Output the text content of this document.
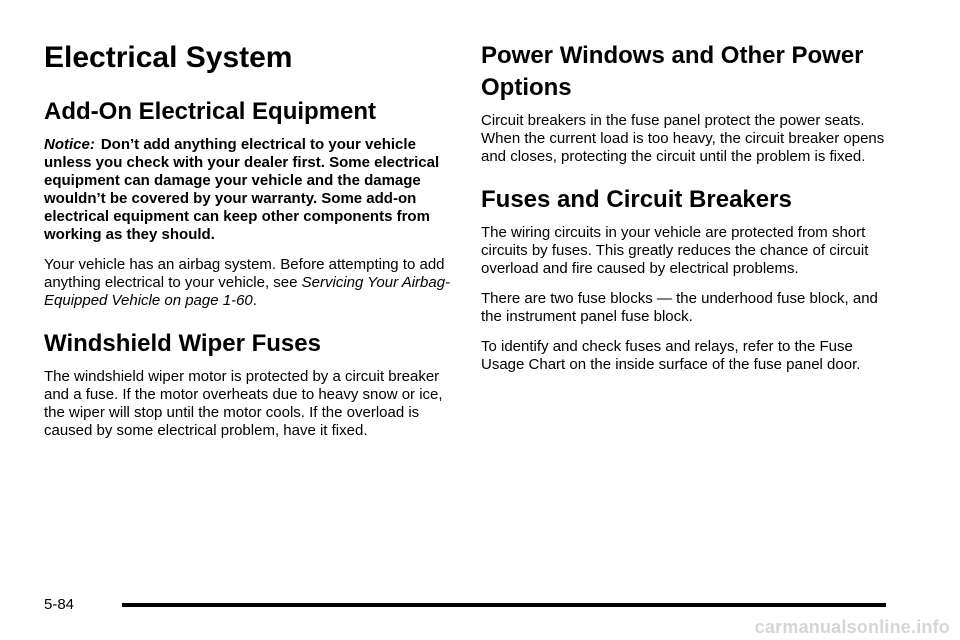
Electrical System
Add-On Electrical Equipment

Notice: Don’t add anything electrical to your vehicle unless you check with your dealer first. Some electrical equipment can damage your vehicle and the damage wouldn’t be covered by your warranty. Some add-on electrical equipment can keep other components from working as they should.

Your vehicle has an airbag system. Before attempting to add anything electrical to your vehicle, see Servicing Your Airbag-Equipped Vehicle on page 1-60.

Windshield Wiper Fuses

The windshield wiper motor is protected by a circuit breaker and a fuse. If the motor overheats due to heavy snow or ice, the wiper will stop until the motor cools. If the overload is caused by some electrical problem, have it fixed.

Power Windows and Other Power Options

Circuit breakers in the fuse panel protect the power seats. When the current load is too heavy, the circuit breaker opens and closes, protecting the circuit until the problem is fixed.

Fuses and Circuit Breakers

The wiring circuits in your vehicle are protected from short circuits by fuses. This greatly reduces the chance of circuit overload and fire caused by electrical problems.

There are two fuse blocks — the underhood fuse block, and the instrument panel fuse block.

To identify and check fuses and relays, refer to the Fuse Usage Chart on the inside surface of the fuse panel door.

5-84
carmanualsonline.info
